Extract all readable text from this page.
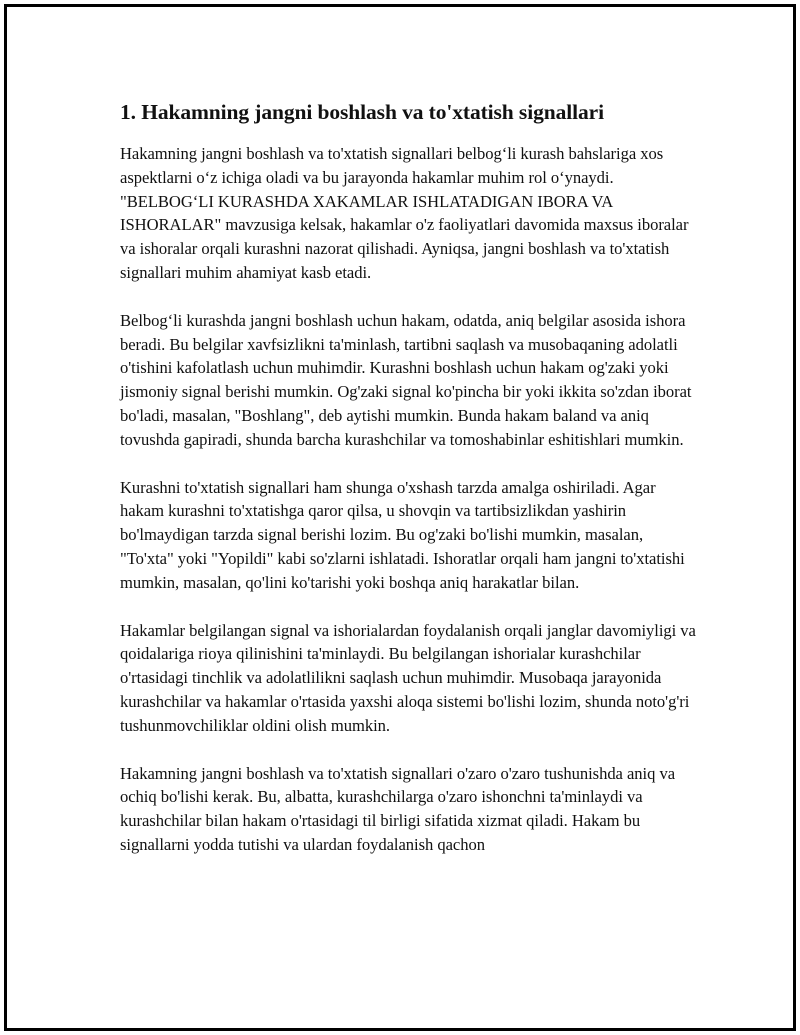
1. Hakamning jangni boshlash va to'xtatish signallari

Hakamning jangni boshlash va to'xtatish signallari belbog‘li kurash bahslariga xos aspektlarni o‘z ichiga oladi va bu jarayonda hakamlar muhim rol o‘ynaydi. "BELBOG‘LI KURASHDA XAKAMLAR ISHLATADIGAN IBORA VA ISHORALAR" mavzusiga kelsak, hakamlar o'z faoliyatlari davomida maxsus iboralar va ishoralar orqali kurashni nazorat qilishadi. Ayniqsa, jangni boshlash va to'xtatish signallari muhim ahamiyat kasb etadi.

Belbog‘li kurashda jangni boshlash uchun hakam, odatda, aniq belgilar asosida ishora beradi. Bu belgilar xavfsizlikni ta'minlash, tartibni saqlash va musobaqaning adolatli o'tishini kafolatlash uchun muhimdir. Kurashni boshlash uchun hakam og'zaki yoki jismoniy signal berishi mumkin. Og'zaki signal ko'pincha bir yoki ikkita so'zdan iborat bo'ladi, masalan, "Boshlang", deb aytishi mumkin. Bunda hakam baland va aniq tovushda gapiradi, shunda barcha kurashchilar va tomoshabinlar eshitishlari mumkin.

Kurashni to'xtatish signallari ham shunga o'xshash tarzda amalga oshiriladi. Agar hakam kurashni to'xtatishga qaror qilsa, u shovqin va tartibsizlikdan yashirin bo'lmaydigan tarzda signal berishi lozim. Bu og'zaki bo'lishi mumkin, masalan, "To'xta" yoki "Yopildi" kabi so'zlarni ishlatadi. Ishoratlar orqali ham jangni to'xtatishi mumkin, masalan, qo'lini ko'tarishi yoki boshqa aniq harakatlar bilan.

Hakamlar belgilangan signal va ishorialardan foydalanish orqali janglar davomiyligi va qoidalariga rioya qilinishini ta'minlaydi. Bu belgilangan ishorialar kurashchilar o'rtasidagi tinchlik va adolatlilikni saqlash uchun muhimdir. Musobaqa jarayonida kurashchilar va hakamlar o'rtasida yaxshi aloqa sistemi bo'lishi lozim, shunda noto'g'ri tushunmovchiliklar oldini olish mumkin.

Hakamning jangni boshlash va to'xtatish signallari o'zaro o'zaro tushunishda aniq va ochiq bo'lishi kerak. Bu, albatta, kurashchilarga o'zaro ishonchni ta'minlaydi va kurashchilar bilan hakam o'rtasidagi til birligi sifatida xizmat qiladi. Hakam bu signallarni yodda tutishi va ulardan foydalanish qachon
